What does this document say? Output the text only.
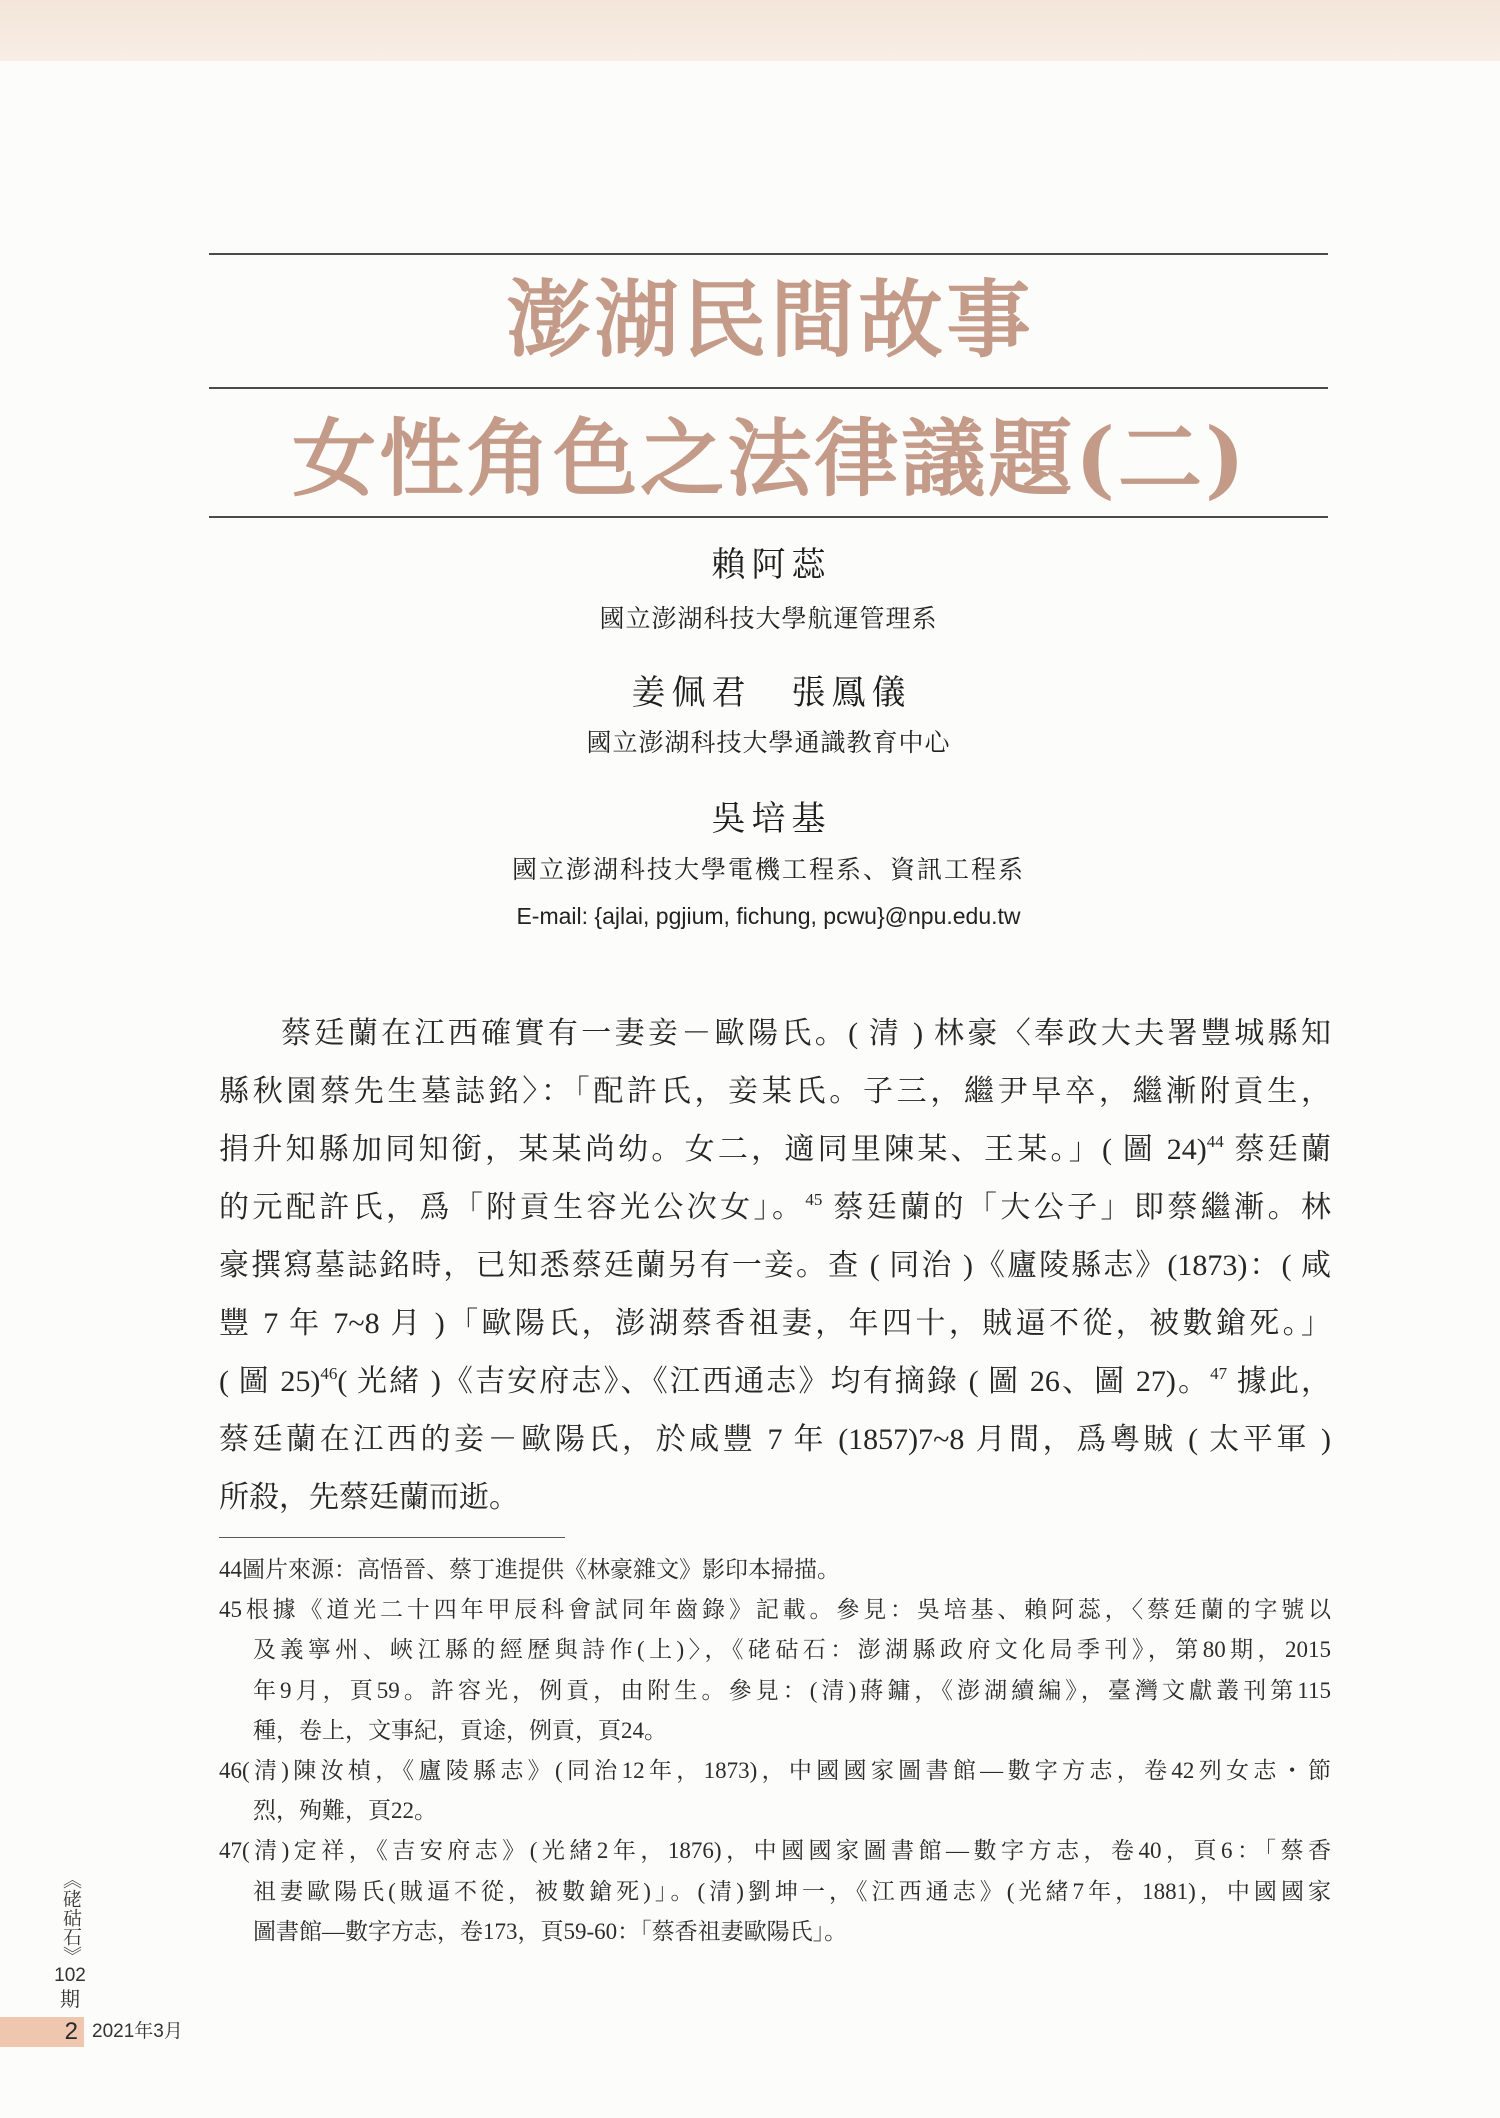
澎湖民間故事
女性角色之法律議題(二)
賴阿蕊
國立澎湖科技大學航運管理系
姜佩君　張鳳儀
國立澎湖科技大學通識教育中心
吳培基
國立澎湖科技大學電機工程系、資訊工程系
E-mail: {ajlai, pgjium, fichung, pcwu}@npu.edu.tw
蔡廷蘭在江西確實有一妻妾－歐陽氏。( 清 ) 林豪〈奉政大夫署豐城縣知
縣秋園蔡先生墓誌銘〉：「配許氏，妾某氏。子三，繼尹早卒，繼漸附貢生，
捐升知縣加同知銜，某某尚幼。女二，適同里陳某、王某。」( 圖 24)$^{44}$ 蔡廷蘭
的元配許氏，爲「附貢生容光公次女」。$^{45}$ 蔡廷蘭的「大公子」即蔡繼漸。林
豪撰寫墓誌銘時，已知悉蔡廷蘭另有一妾。查 ( 同治 )《廬陵縣志》(1873)：( 咸
豐 7 年 7~8 月 )「歐陽氏，澎湖蔡香祖妻，年四十，賊逼不從，被數鎗死。」
( 圖 25)$^{46}$( 光緒 )《吉安府志》、《江西通志》均有摘錄 ( 圖 26、圖 27)。$^{47}$ 據此，
蔡廷蘭在江西的妾－歐陽氏，於咸豐 7 年 (1857)7~8 月間，爲粵賊 ( 太平軍 )
所殺，先蔡廷蘭而逝。
44圖片來源：高悟晉、蔡丁進提供《林豪雜文》影印本掃描。
45根據《道光二十四年甲辰科會試同年齒錄》記載。參見：吳培基、賴阿蕊，〈蔡廷蘭的字號以
及義寧州、峽江縣的經歷與詩作(上)〉，《硓𥑮石：澎湖縣政府文化局季刊》，第80期，2015
年9月，頁59。許容光，例貢，由附生。參見：(清)蔣鏞，《澎湖續編》，臺灣文獻叢刊第115
種，卷上，文事紀，貢途，例貢，頁24。
46(清)陳汝楨，《廬陵縣志》(同治12年，1873)，中國國家圖書館—數字方志，卷42列女志・節
烈，殉難，頁22。
47(清)定祥，《吉安府志》(光緒2年，1876)，中國國家圖書館—數字方志，卷40，頁6：「蔡香
祖妻歐陽氏(賊逼不從，被數鎗死)」。(清)劉坤一，《江西通志》(光緒7年，1881)，中國國家
圖書館—數字方志，卷173，頁59-60：「蔡香祖妻歐陽氏」。
《硓𥑮石》
102
期
2 2021年3月
